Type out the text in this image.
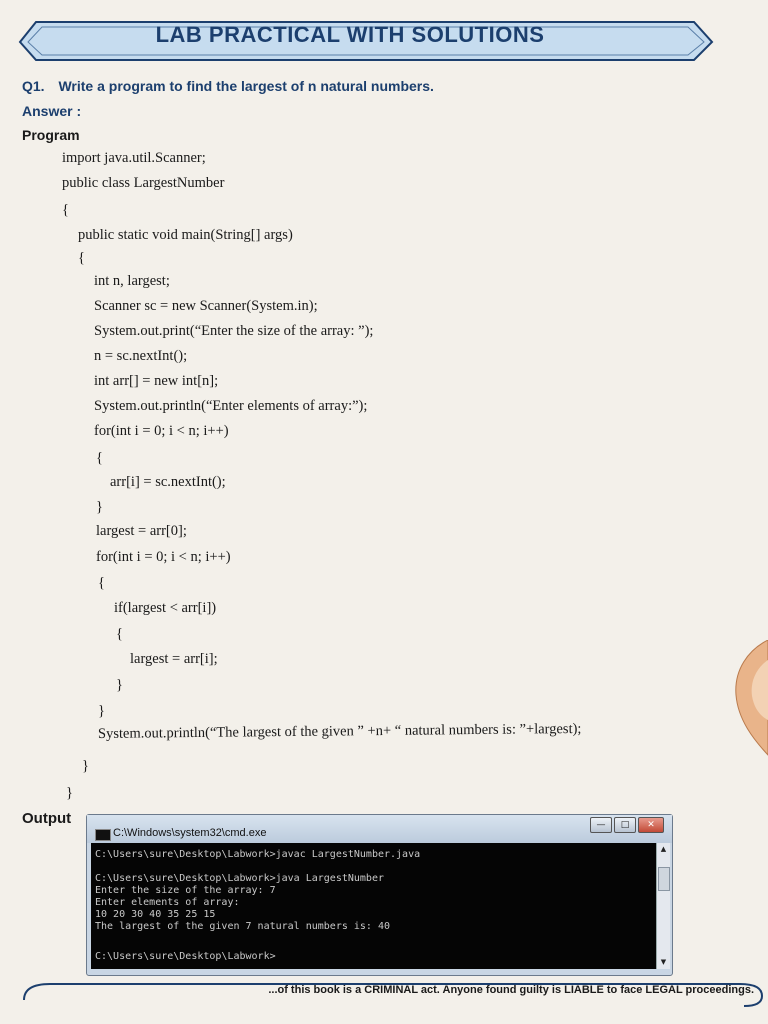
LAB PRACTICAL WITH SOLUTIONS
Q1. Write a program to find the largest of n natural numbers.
Answer :
Program
import java.util.Scanner;
public class LargestNumber
{
public static void main(String[] args)
{
int n, largest;
Scanner sc = new Scanner(System.in);
System.out.print(“Enter the size of the array: ”);
n = sc.nextInt();
int arr[] = new int[n];
System.out.println(“Enter elements of array:”);
for(int i = 0; i < n; i++)
{
arr[i] = sc.nextInt();
}
largest = arr[0];
for(int i = 0; i < n; i++)
{
if(largest < arr[i])
{
largest = arr[i];
}
}
System.out.println(“The largest of the given ” +n+ “ natural numbers is: ”+largest);
}
}
Output
C:\Windows\system32\cmd.exe
—	□	✕
C:\Users\sure\Desktop\Labwork>javac LargestNumber.java
C:\Users\sure\Desktop\Labwork>java LargestNumber
Enter the size of the array: 7
Enter elements of array:
10 20 30 40 35 25 15
The largest of the given 7 natural numbers is: 40
C:\Users\sure\Desktop\Labwork>
▲
▼
...of this book is a CRIMINAL act. Anyone found guilty is LIABLE to face LEGAL proceedings.
